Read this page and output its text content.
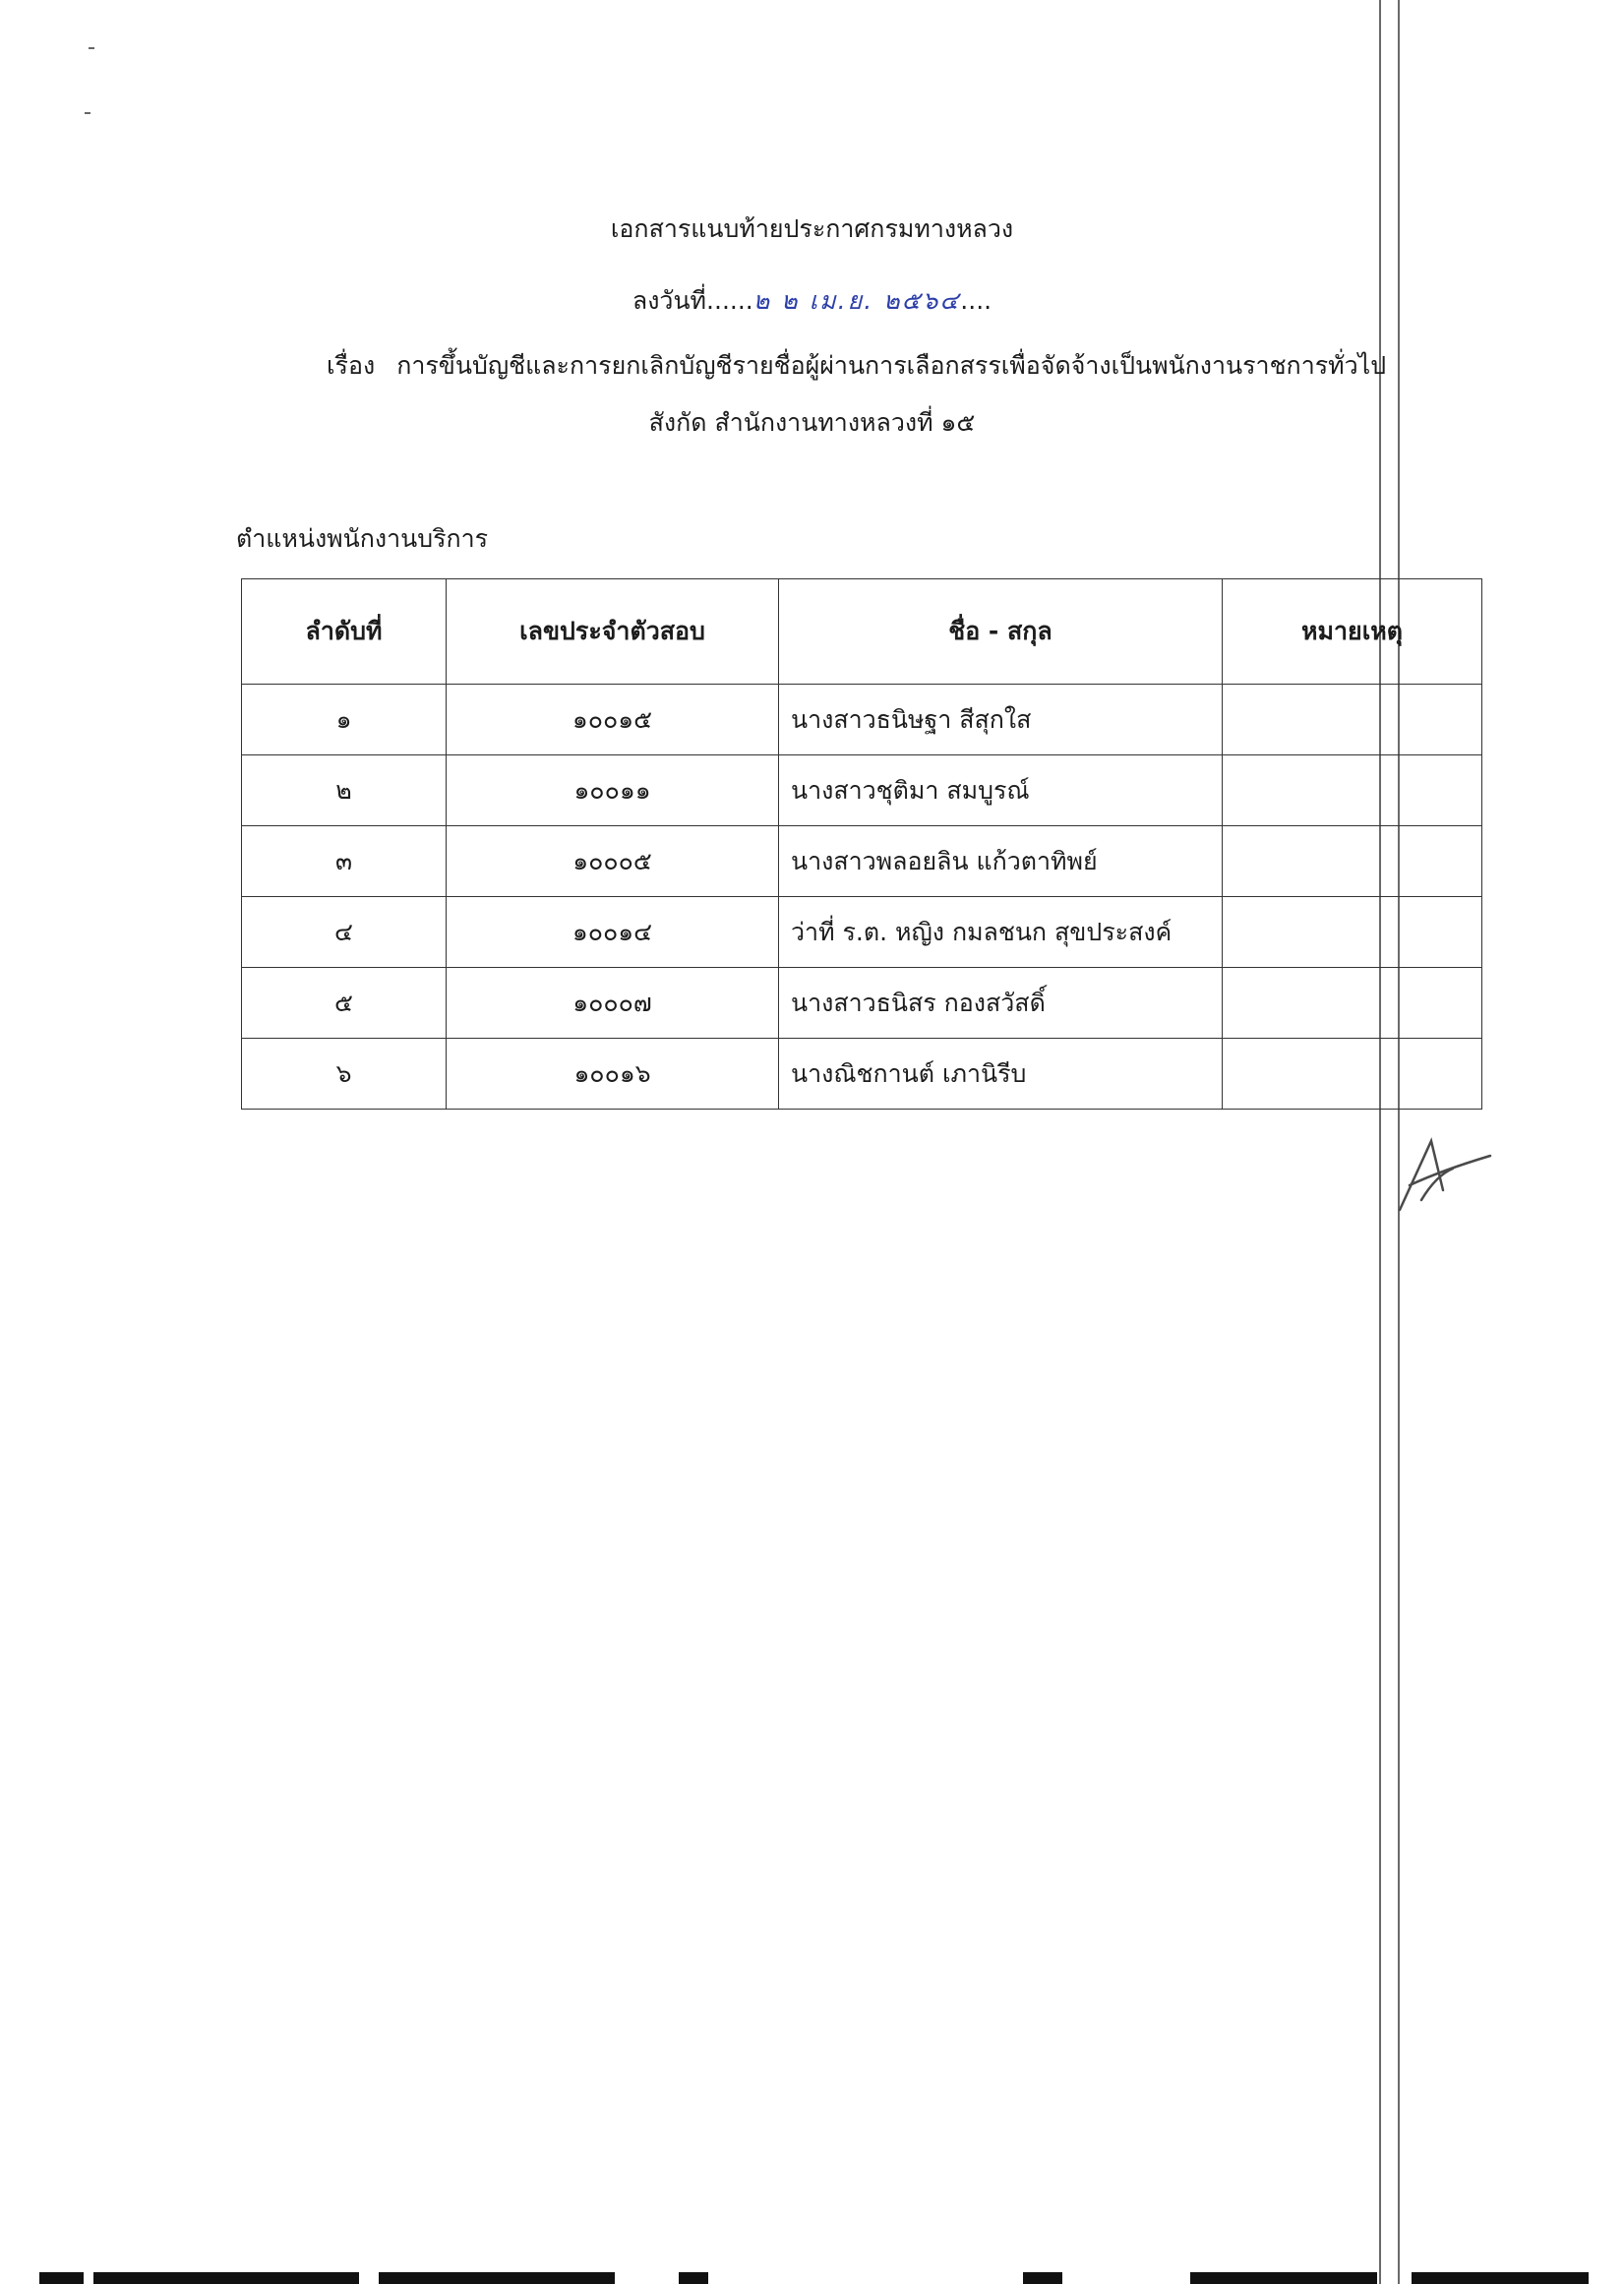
เอกสารแนบท้ายประกาศกรมทางหลวง
ลงวันที่......๒ ๒ เม.ย. ๒๕๖๔....
เรื่อง การขึ้นบัญชีและการยกเลิกบัญชีรายชื่อผู้ผ่านการเลือกสรรเพื่อจัดจ้างเป็นพนักงานราชการทั่วไป
สังกัด สำนักงานทางหลวงที่ ๑๕
ตำแหน่งพนักงานบริการ
ลำดับที่	เลขประจำตัวสอบ	ชื่อ - สกุล	หมายเหตุ
๑	๑๐๐๑๕	นางสาวธนิษฐา สีสุกใส	
๒	๑๐๐๑๑	นางสาวชุติมา สมบูรณ์	
๓	๑๐๐๐๕	นางสาวพลอยลิน แก้วตาทิพย์	
๔	๑๐๐๑๔	ว่าที่ ร.ต. หญิง กมลชนก สุขประสงค์	
๕	๑๐๐๐๗	นางสาวธนิสร กองสวัสดิ์	
๖	๑๐๐๑๖	นางณิชกานต์ เภานิรีบ	
